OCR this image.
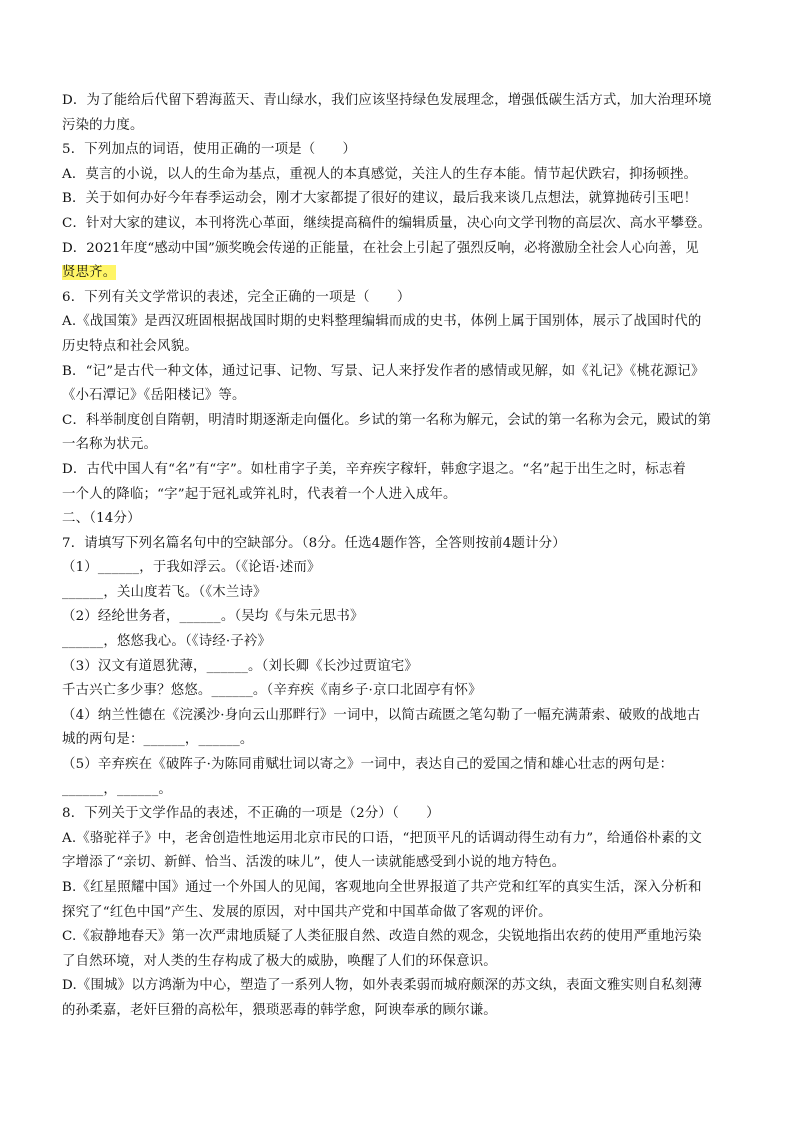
D．为了能给后代留下碧海蓝天、青山绿水，我们应该坚持绿色发展理念，增强低碳生活方式，加大治理环境
污染的力度。
5．下列加点的词语，使用正确的一项是（　　）
A．莫言的小说，以人的生命为基点，重视人的本真感觉，关注人的生存本能。情节起伏跌宕，抑扬顿挫。
B．关于如何办好今年春季运动会，刚才大家都提了很好的建议，最后我来谈几点想法，就算抛砖引玉吧！
C．针对大家的建议，本刊将洗心革面，继续提高稿件的编辑质量，决心向文学刊物的高层次、高水平攀登。
D．2021年度“感动中国”颁奖晚会传递的正能量，在社会上引起了强烈反响，必将激励全社会人心向善，见
贤思齐。
6．下列有关文学常识的表述，完全正确的一项是（　　）
A.《战国策》是西汉班固根据战国时期的史料整理编辑而成的史书，体例上属于国别体，展示了战国时代的
历史特点和社会风貌。
B．“记”是古代一种文体，通过记事、记物、写景、记人来抒发作者的感情或见解，如《礼记》《桃花源记》
《小石潭记》《岳阳楼记》等。
C．科举制度创自隋朝，明清时期逐渐走向僵化。乡试的第一名称为解元，会试的第一名称为会元，殿试的第
一名称为状元。
D．古代中国人有“名”有“字”。如杜甫字子美，辛弃疾字稼轩，韩愈字退之。“名”起于出生之时，标志着
一个人的降临；“字”起于冠礼或笄礼时，代表着一个人进入成年。
二、（14分）
7．请填写下列名篇名句中的空缺部分。（8分。任选4题作答，全答则按前4题计分）
（1）______，于我如浮云。（《论语·述而》
______，关山度若飞。（《木兰诗》
（2）经纶世务者，______。（吴均《与朱元思书》
______，悠悠我心。（《诗经·子衿》
（3）汉文有道恩犹薄，______。（刘长卿《长沙过贾谊宅》
千古兴亡多少事？悠悠。______。（辛弃疾《南乡子·京口北固亭有怀》
（4）纳兰性德在《浣溪沙·身向云山那畔行》一词中，以简古疏匮之笔勾勒了一幅充满萧索、破败的战地古
城的两句是：______，______。
（5）辛弃疾在《破阵子·为陈同甫赋壮词以寄之》一词中，表达自己的爱国之情和雄心壮志的两句是：
______，______。
8．下列关于文学作品的表述，不正确的一项是（2分）（　　）
A.《骆驼祥子》中，老舍创造性地运用北京市民的口语，“把顶平凡的话调动得生动有力”，给通俗朴素的文
字增添了“亲切、新鲜、恰当、活泼的味儿”，使人一读就能感受到小说的地方特色。
B.《红星照耀中国》通过一个外国人的见闻，客观地向全世界报道了共产党和红军的真实生活，深入分析和
探究了“红色中国”产生、发展的原因，对中国共产党和中国革命做了客观的评价。
C.《寂静地春天》第一次严肃地质疑了人类征服自然、改造自然的观念，尖锐地指出农药的使用严重地污染
了自然环境，对人类的生存构成了极大的威胁，唤醒了人们的环保意识。
D.《围城》以方鸿渐为中心，塑造了一系列人物，如外表柔弱而城府颇深的苏文纨，表面文雅实则自私刻薄
的孙柔嘉，老奸巨猾的高松年，猥琐恶毒的韩学愈，阿谀奉承的顾尔谦。
